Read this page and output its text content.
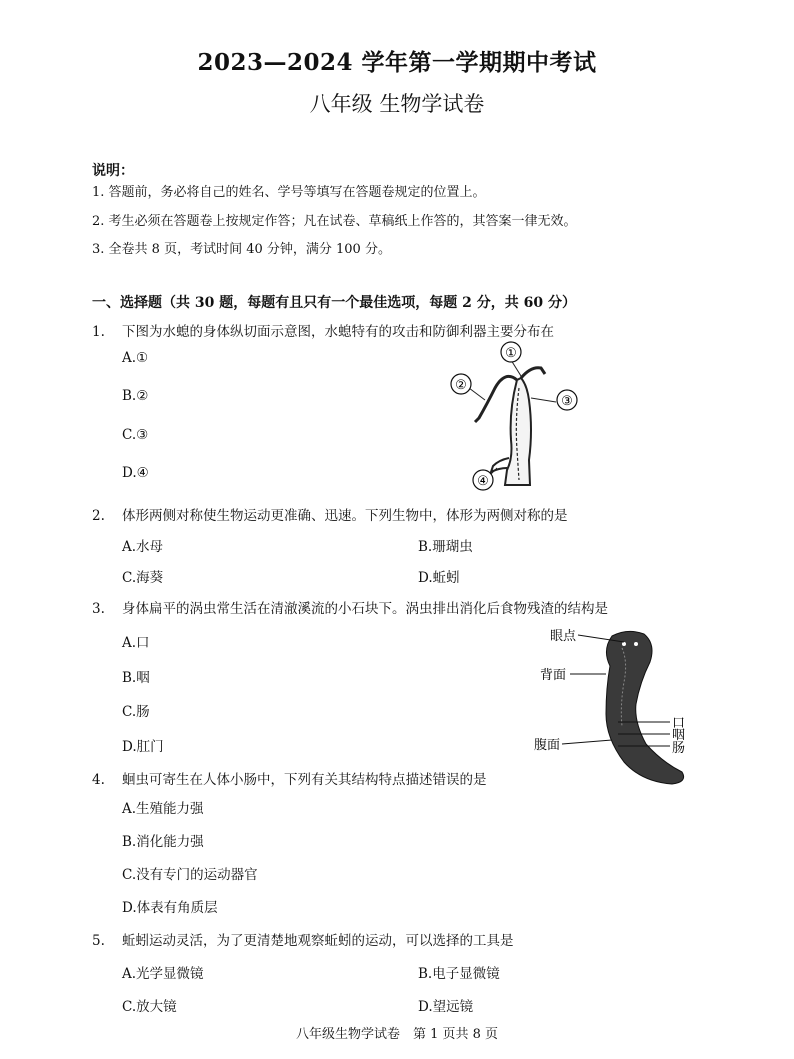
2023—2024 学年第一学期期中考试
八年级 生物学试卷
说明：
1. 答题前，务必将自己的姓名、学号等填写在答题卷规定的位置上。
2. 考生必须在答题卷上按规定作答；凡在试卷、草稿纸上作答的，其答案一律无效。
3. 全卷共 8 页，考试时间 40 分钟，满分 100 分。
一、选择题（共 30 题，每题有且只有一个最佳选项，每题 2 分，共 60 分）
1. 下图为水螅的身体纵切面示意图，水螅特有的攻击和防御利器主要分布在
A.①
B.②
C.③
D.④
①
②
③
④
2. 体形两侧对称使生物运动更准确、迅速。下列生物中，体形为两侧对称的是
A.水母	B.珊瑚虫
C.海葵	D.蚯蚓
3. 身体扁平的涡虫常生活在清澈溪流的小石块下。涡虫排出消化后食物残渣的结构是
A.口
B.咽
C.肠
D.肛门
眼点
背面
腹面
口
咽
肠
4. 蛔虫可寄生在人体小肠中，下列有关其结构特点描述错误的是
A.生殖能力强
B.消化能力强
C.没有专门的运动器官
D.体表有角质层
5. 蚯蚓运动灵活，为了更清楚地观察蚯蚓的运动，可以选择的工具是
A.光学显微镜	B.电子显微镜
C.放大镜	D.望远镜
八年级生物学试卷　第 1 页共 8 页
